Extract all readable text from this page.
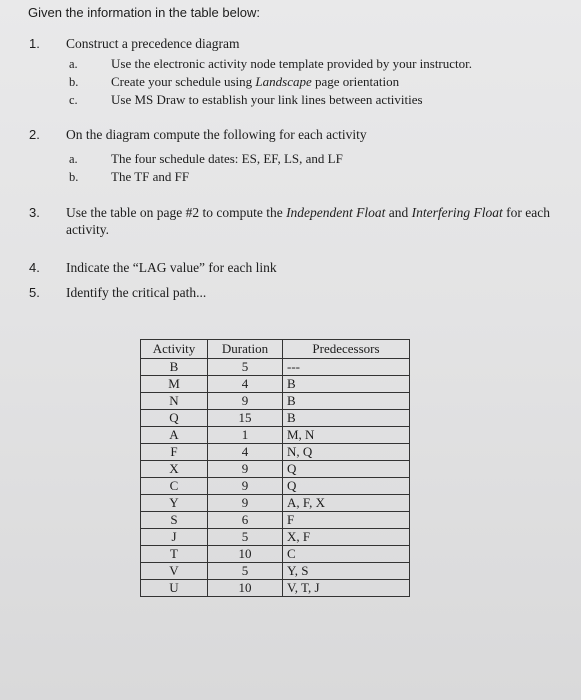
Given the information in the table below:
1. Construct a precedence diagram
a.	Use the electronic activity node template provided by your instructor.
b.	Create your schedule using Landscape page orientation
c.	Use MS Draw to establish your link lines between activities
2. On the diagram compute the following for each activity
a.	The four schedule dates: ES, EF, LS, and LF
b.	The TF and FF
3. Use the table on page #2 to compute the Independent Float and Interfering Float for each activity.
4. Indicate the “LAG value” for each link
5. Identify the critical path...
Activity	Duration	Predecessors
B	5	---
M	4	B
N	9	B
Q	15	B
A	1	M, N
F	4	N, Q
X	9	Q
C	9	Q
Y	9	A, F, X
S	6	F
J	5	X, F
T	10	C
V	5	Y, S
U	10	V, T, J
